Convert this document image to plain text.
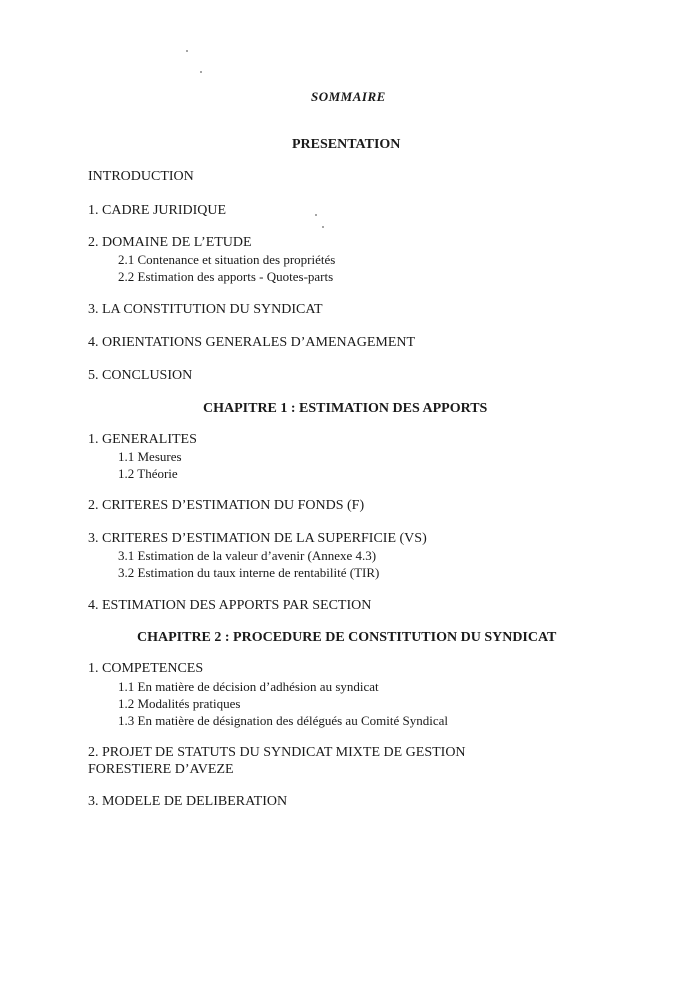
SOMMAIRE
PRESENTATION
INTRODUCTION
1. CADRE JURIDIQUE
2. DOMAINE DE L’ETUDE
2.1 Contenance et situation des propriétés
2.2 Estimation des apports - Quotes-parts
3. LA CONSTITUTION DU SYNDICAT
4. ORIENTATIONS GENERALES D’AMENAGEMENT
5. CONCLUSION
CHAPITRE 1 : ESTIMATION DES APPORTS
1. GENERALITES
1.1 Mesures
1.2 Théorie
2. CRITERES D’ESTIMATION DU FONDS (F)
3. CRITERES D’ESTIMATION DE LA SUPERFICIE (VS)
3.1 Estimation de la valeur d’avenir (Annexe 4.3)
3.2 Estimation du taux interne de rentabilité (TIR)
4. ESTIMATION DES APPORTS PAR SECTION
CHAPITRE 2 : PROCEDURE DE CONSTITUTION DU SYNDICAT
1. COMPETENCES
1.1 En matière de décision d’adhésion au syndicat
1.2 Modalités pratiques
1.3 En matière de désignation des délégués au Comité Syndical
2. PROJET DE STATUTS DU SYNDICAT MIXTE DE GESTION
FORESTIERE D’AVEZE
3. MODELE DE DELIBERATION
